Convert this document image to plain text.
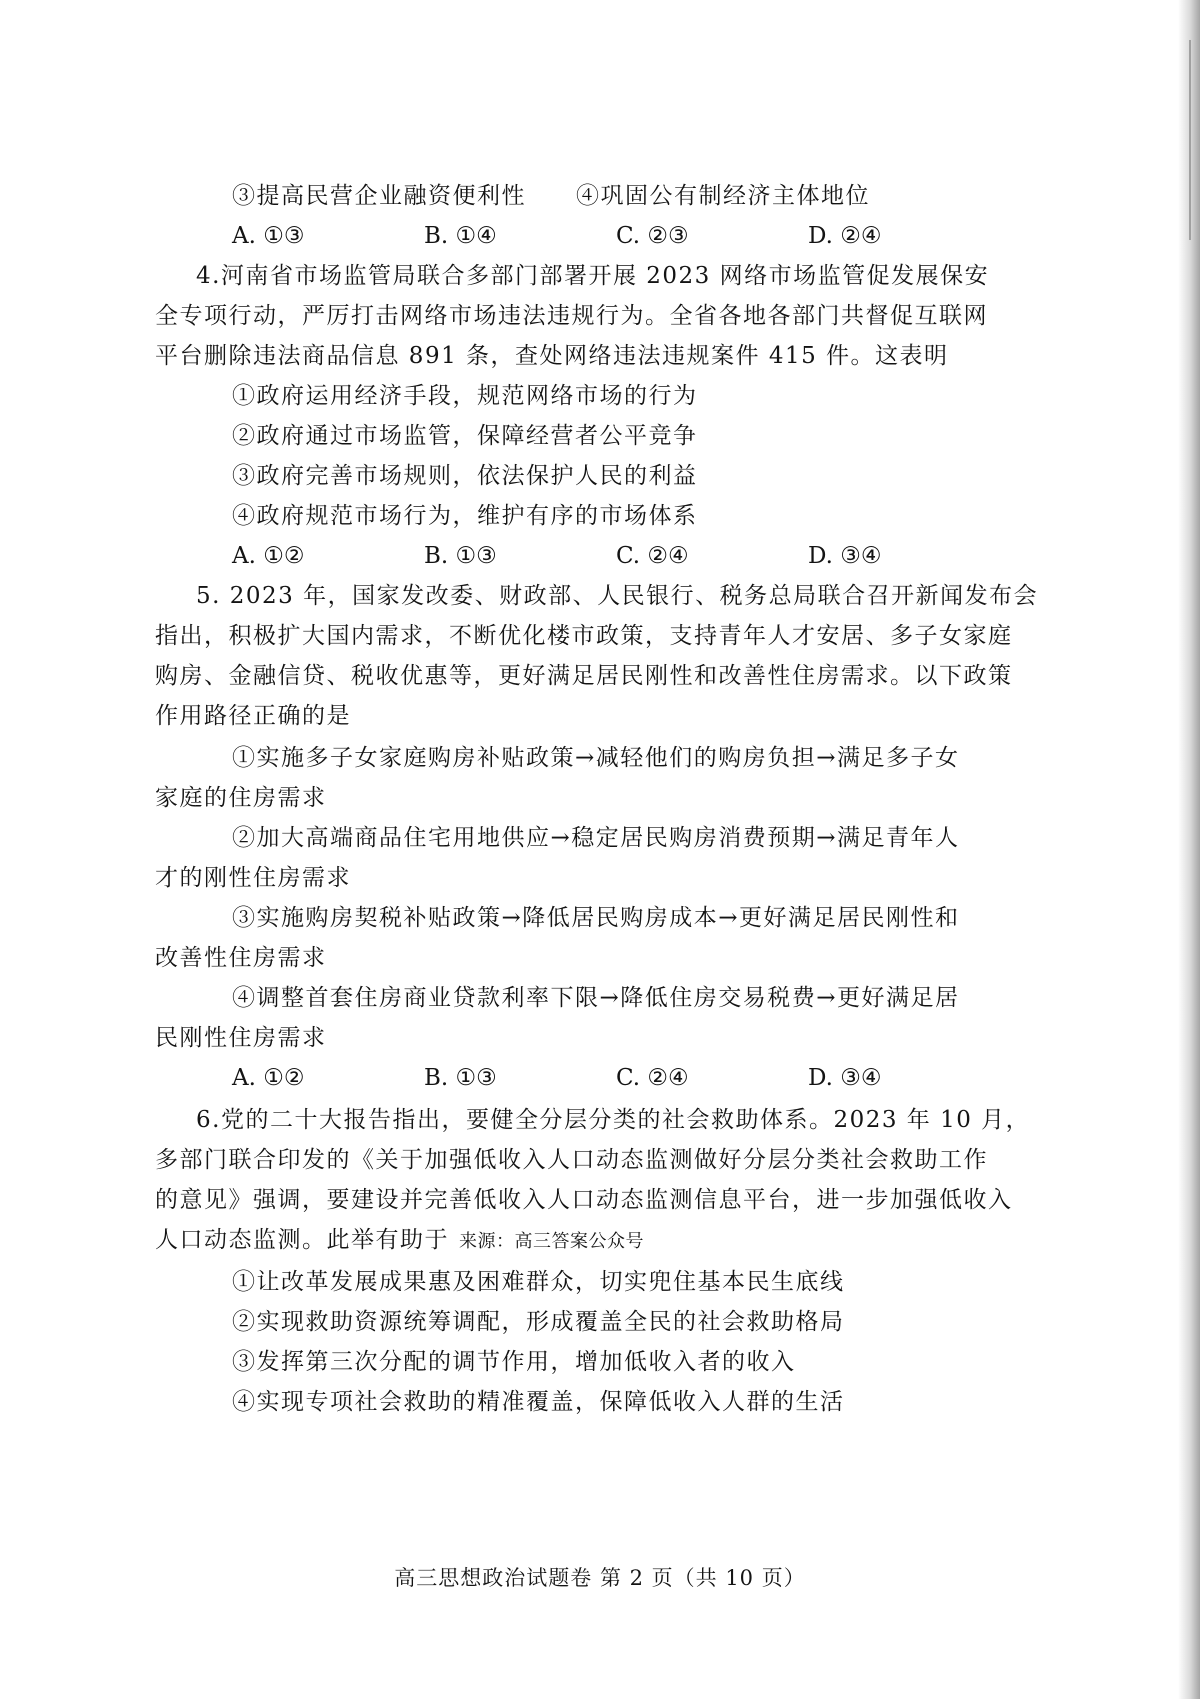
③提高民营企业融资便利性 ④巩固公有制经济主体地位
A. ①③	B. ①④	C. ②③	D. ②④
4.河南省市场监管局联合多部门部署开展 2023 网络市场监管促发展保安
全专项行动，严厉打击网络市场违法违规行为。全省各地各部门共督促互联网
平台删除违法商品信息 891 条，查处网络违法违规案件 415 件。这表明
①政府运用经济手段，规范网络市场的行为
②政府通过市场监管，保障经营者公平竞争
③政府完善市场规则，依法保护人民的利益
④政府规范市场行为，维护有序的市场体系
A. ①②	B. ①③	C. ②④	D. ③④
5. 2023 年，国家发改委、财政部、人民银行、税务总局联合召开新闻发布会
指出，积极扩大国内需求，不断优化楼市政策，支持青年人才安居、多子女家庭
购房、金融信贷、税收优惠等，更好满足居民刚性和改善性住房需求。以下政策
作用路径正确的是
①实施多子女家庭购房补贴政策→减轻他们的购房负担→满足多子女
家庭的住房需求
②加大高端商品住宅用地供应→稳定居民购房消费预期→满足青年人
才的刚性住房需求
③实施购房契税补贴政策→降低居民购房成本→更好满足居民刚性和
改善性住房需求
④调整首套住房商业贷款利率下限→降低住房交易税费→更好满足居
民刚性住房需求
A. ①②	B. ①③	C. ②④	D. ③④
6.党的二十大报告指出，要健全分层分类的社会救助体系。2023 年 10 月，
多部门联合印发的《关于加强低收入人口动态监测做好分层分类社会救助工作
的意见》强调，要建设并完善低收入人口动态监测信息平台，进一步加强低收入
人口动态监测。此举有助于 来源：高三答案公众号
①让改革发展成果惠及困难群众，切实兜住基本民生底线
②实现救助资源统筹调配，形成覆盖全民的社会救助格局
③发挥第三次分配的调节作用，增加低收入者的收入
④实现专项社会救助的精准覆盖，保障低收入人群的生活
高三思想政治试题卷 第 2 页（共 10 页）
